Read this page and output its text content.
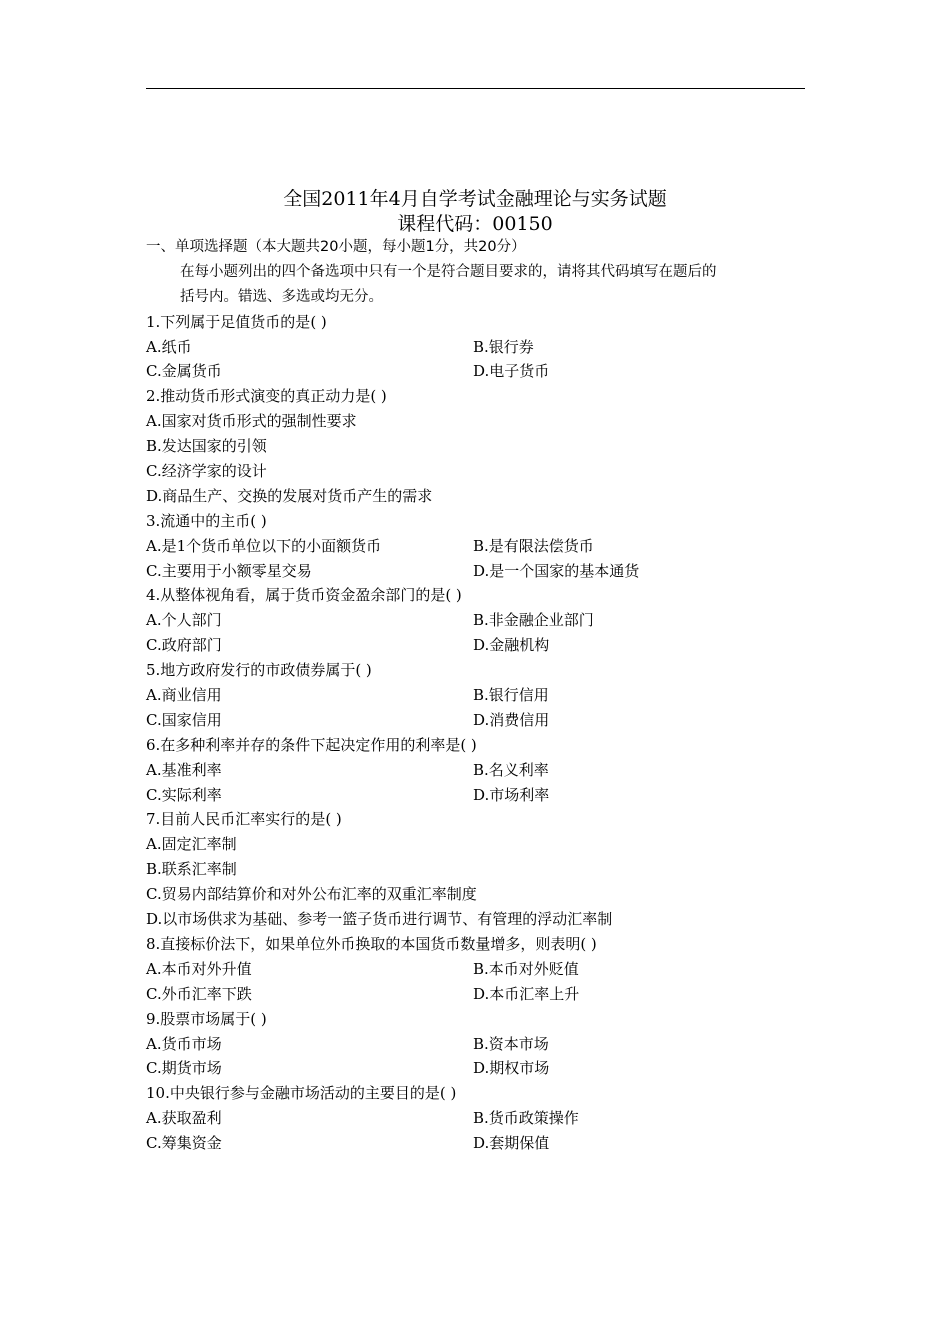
全国2011年4月自学考试金融理论与实务试题
课程代码：00150
一、单项选择题（本大题共20小题，每小题1分，共20分）
在每小题列出的四个备选项中只有一个是符合题目要求的，请将其代码填写在题后的
括号内。错选、多选或均无分。
1.下列属于足值货币的是( )
A.纸币	B.银行券
C.金属货币	D.电子货币
2.推动货币形式演变的真正动力是( )
A.国家对货币形式的强制性要求
B.发达国家的引领
C.经济学家的设计
D.商品生产、交换的发展对货币产生的需求
3.流通中的主币( )
A.是1个货币单位以下的小面额货币	B.是有限法偿货币
C.主要用于小额零星交易	D.是一个国家的基本通货
4.从整体视角看，属于货币资金盈余部门的是( )
A.个人部门	B.非金融企业部门
C.政府部门	D.金融机构
5.地方政府发行的市政债券属于( )
A.商业信用	B.银行信用
C.国家信用	D.消费信用
6.在多种利率并存的条件下起决定作用的利率是( )
A.基准利率	B.名义利率
C.实际利率	D.市场利率
7.目前人民币汇率实行的是( )
A.固定汇率制
B.联系汇率制
C.贸易内部结算价和对外公布汇率的双重汇率制度
D.以市场供求为基础、参考一篮子货币进行调节、有管理的浮动汇率制
8.直接标价法下，如果单位外币换取的本国货币数量增多，则表明( )
A.本币对外升值	B.本币对外贬值
C.外币汇率下跌	D.本币汇率上升
9.股票市场属于( )
A.货币市场	B.资本市场
C.期货市场	D.期权市场
10.中央银行参与金融市场活动的主要目的是( )
A.获取盈利	B.货币政策操作
C.筹集资金	D.套期保值
